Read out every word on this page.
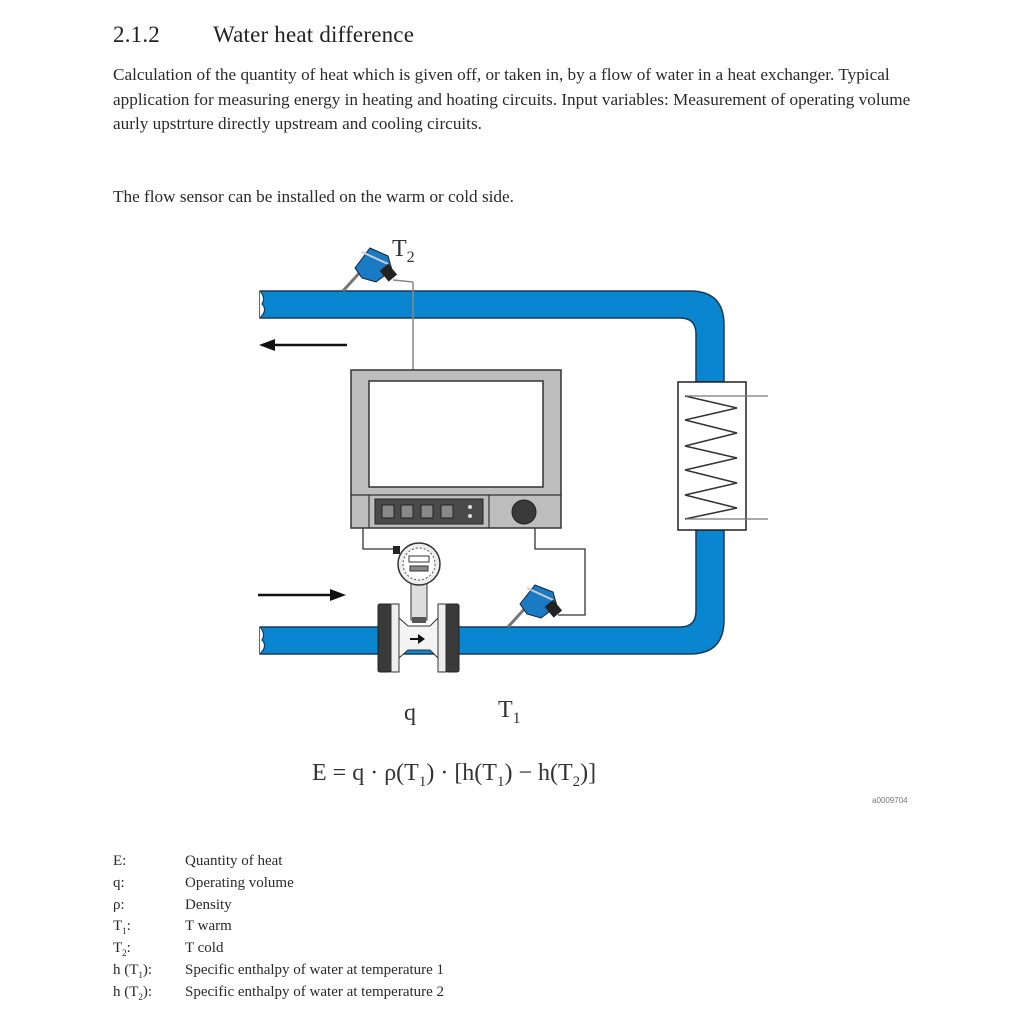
2.1.2 Water heat difference
Calculation of the quantity of heat which is given off, or taken in, by a flow of water in a heat exchanger. Typical application for measuring energy in heating and hoating circuits. Input variables: Measurement of operating volume aurly upstrture directly upstream and cooling circuits.
The flow sensor can be installed on the warm or cold side.
$T_2$
q	$T_1$
$E = q \cdot \rho(T_1) \cdot [h(T_1) - h(T_2)]$
a0009704
E:	Quantity of heat
q:	Operating volume
ρ:	Density
$T_1$:	T warm
$T_2$:	T cold
h $(T_1)$:	Specific enthalpy of water at temperature 1
h $(T_2)$:	Specific enthalpy of water at temperature 2
